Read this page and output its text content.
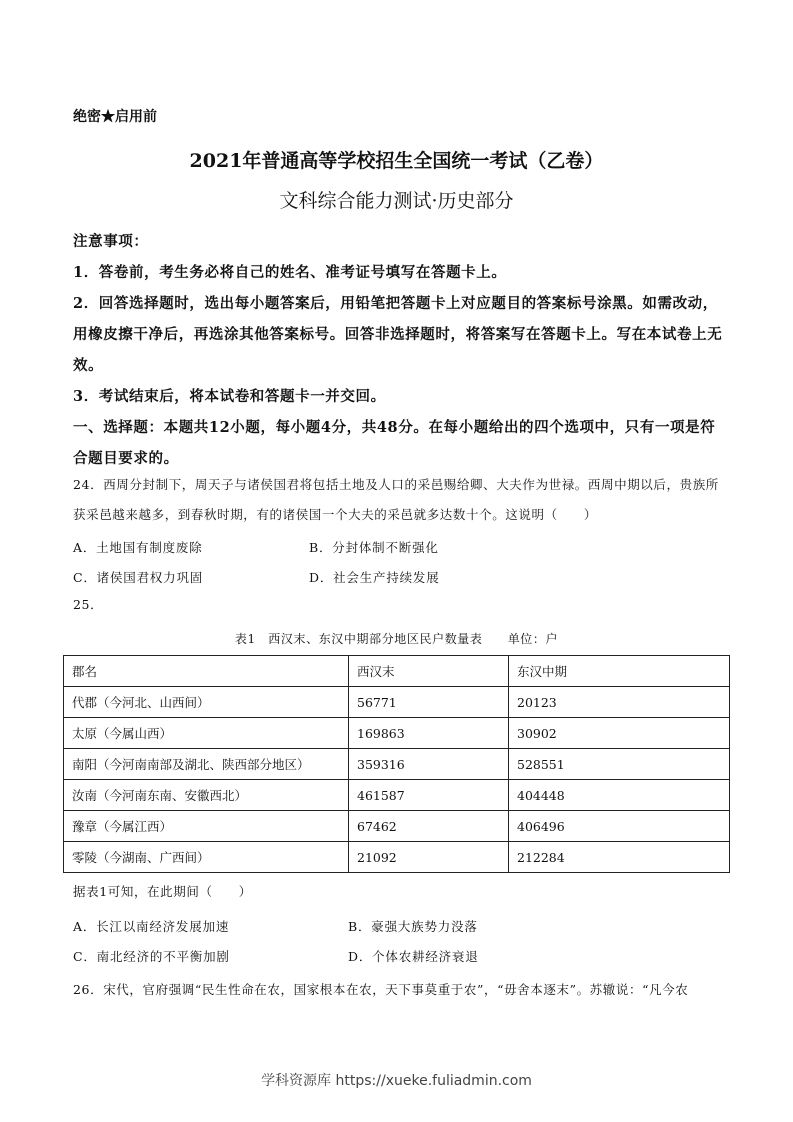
绝密★启用前
2021年普通高等学校招生全国统一考试（乙卷）
文科综合能力测试·历史部分

注意事项：

1．答卷前，考生务必将自己的姓名、准考证号填写在答题卡上。

2．回答选择题时，选出每小题答案后，用铅笔把答题卡上对应题目的答案标号涂黑。如需改动，用橡皮擦干净后，再选涂其他答案标号。回答非选择题时，将答案写在答题卡上。写在本试卷上无效。

3．考试结束后，将本试卷和答题卡一并交回。

一、选择题：本题共12小题，每小题4分，共48分。在每小题给出的四个选项中，只有一项是符合题目要求的。

24．西周分封制下，周天子与诸侯国君将包括土地及人口的采邑赐给卿、大夫作为世禄。西周中期以后，贵族所获采邑越来越多，到春秋时期，有的诸侯国一个大夫的采邑就多达数十个。这说明（　　）

A．土地国有制度废除	B．分封体制不断强化
C．诸侯国君权力巩固	D．社会生产持续发展
25．
表1　西汉末、东汉中期部分地区民户数量表　　单位：户
郡名	西汉末	东汉中期
代郡（今河北、山西间）	56771	20123
太原（今属山西）	169863	30902
南阳（今河南南部及湖北、陕西部分地区）	359316	528551
汝南（今河南东南、安徽西北）	461587	404448
豫章（今属江西）	67462	406496
零陵（今湖南、广西间）	21092	212284
据表1可知，在此期间（　　）
A．长江以南经济发展加速	B．豪强大族势力没落
C．南北经济的不平衡加剧	D．个体农耕经济衰退
26．宋代，官府强调“民生性命在农，国家根本在农，天下事莫重于农”，“毋舍本逐末”。苏辙说：“凡今农
学科资源库 https://xueke.fuliadmin.com
